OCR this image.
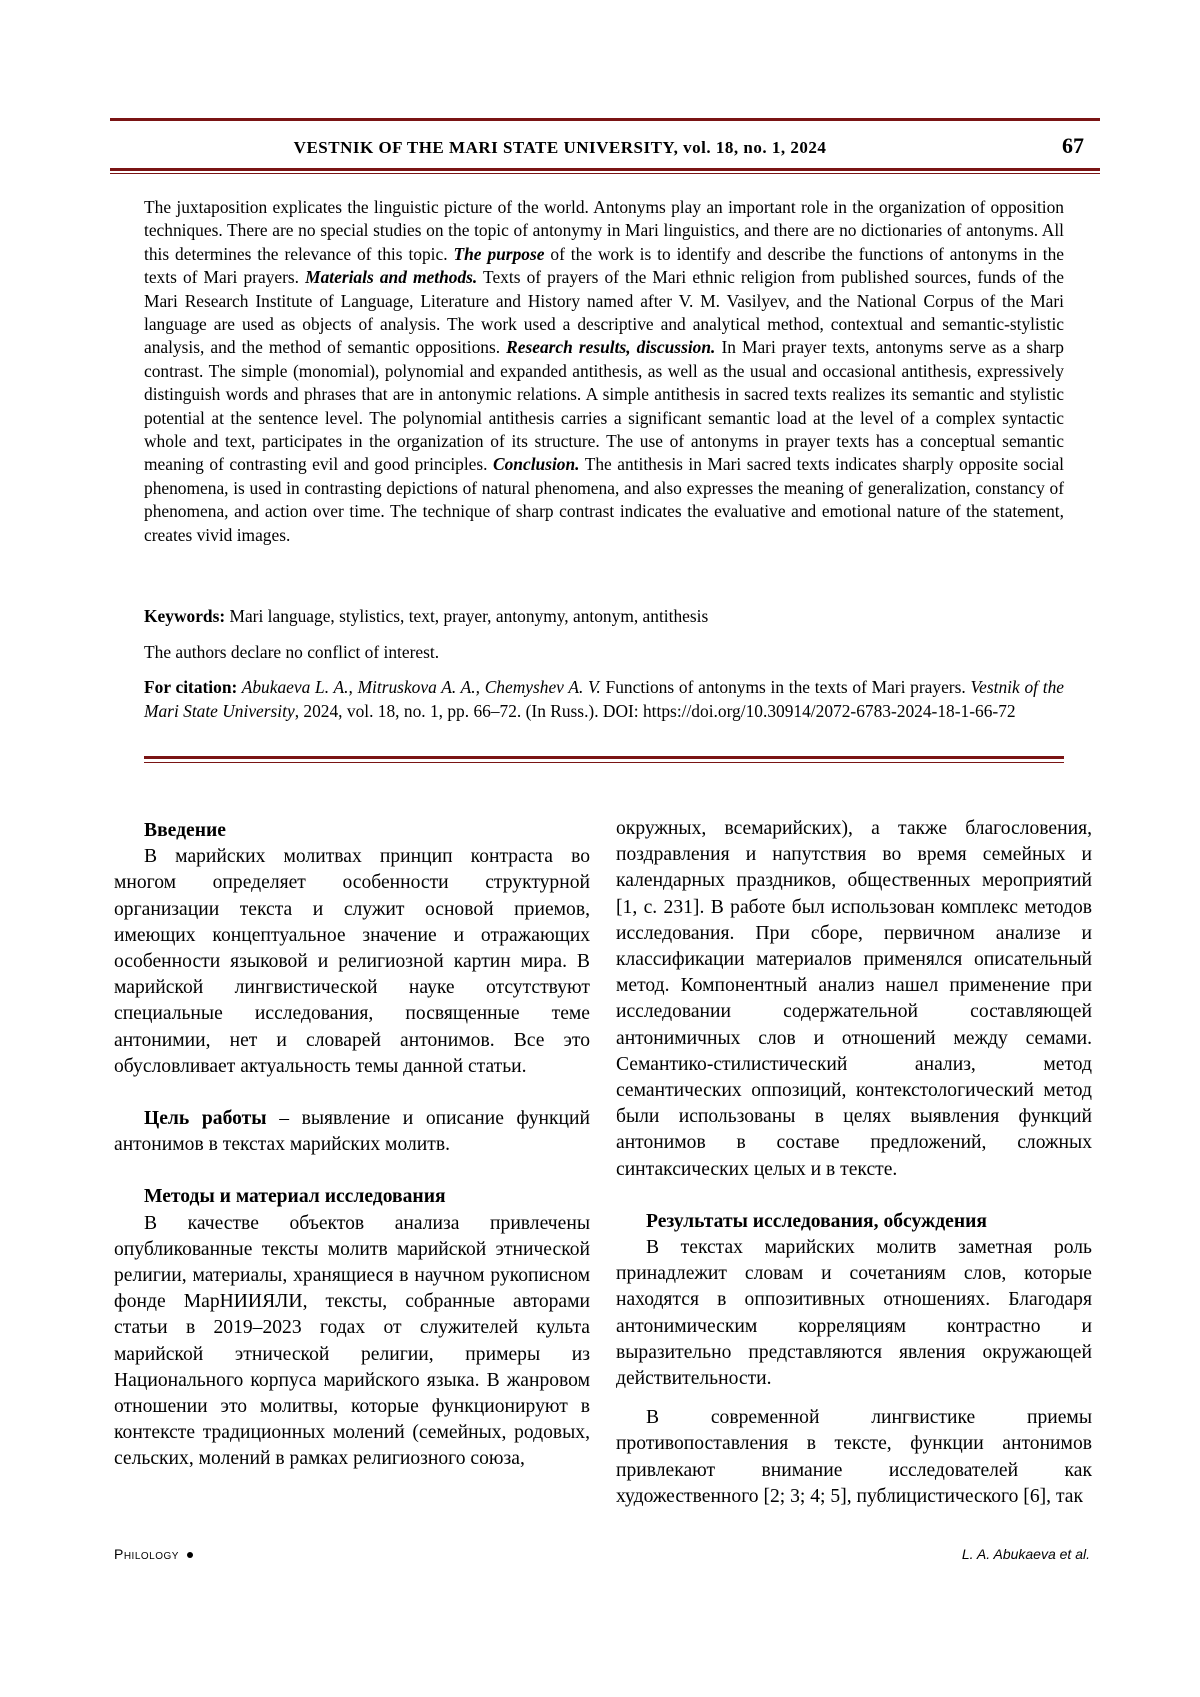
VESTNIK OF THE MARI STATE UNIVERSITY, vol. 18, no. 1, 2024	67

The juxtaposition explicates the linguistic picture of the world. Antonyms play an important role in the organization of opposition techniques. There are no special studies on the topic of antonymy in Mari linguistics, and there are no dictionaries of antonyms. All this determines the relevance of this topic. The purpose of the work is to identify and describe the functions of antonyms in the texts of Mari prayers. Materials and methods. Texts of prayers of the Mari ethnic religion from published sources, funds of the Mari Research Institute of Language, Literature and History named after V. M. Vasilyev, and the National Corpus of the Mari language are used as objects of analysis. The work used a descriptive and analytical method, contextual and semantic-stylistic analysis, and the method of semantic oppositions. Research results, discussion. In Mari prayer texts, antonyms serve as a sharp contrast. The simple (monomial), polynomial and expanded antithesis, as well as the usual and occasional antithesis, expressively distinguish words and phrases that are in antonymic relations. A simple antithesis in sacred texts realizes its semantic and stylistic potential at the sentence level. The polynomial antithesis carries a significant semantic load at the level of a complex syntactic whole and text, participates in the organization of its structure. The use of antonyms in prayer texts has a conceptual semantic meaning of contrasting evil and good principles. Conclusion. The antithesis in Mari sacred texts indicates sharply opposite social phenomena, is used in contrasting depictions of natural phenomena, and also expresses the meaning of generalization, constancy of phenomena, and action over time. The technique of sharp contrast indicates the evaluative and emotional nature of the statement, creates vivid images.

Keywords: Mari language, stylistics, text, prayer, antonymy, antonym, antithesis
The authors declare no conflict of interest.

For citation: Abukaeva L. A., Mitruskova A. A., Chemyshev A. V. Functions of antonyms in the texts of Mari prayers. Vestnik of the Mari State University, 2024, vol. 18, no. 1, pp. 66–72. (In Russ.). DOI: https://doi.org/10.30914/2072-6783-2024-18-1-66-72

Введение

В марийских молитвах принцип контраста во многом определяет особенности структурной организации текста и служит основой приемов, имеющих концептуальное значение и отражающих особенности языковой и религиозной картин мира. В марийской лингвистической науке отсутствуют специальные исследования, посвященные теме антонимии, нет и словарей антонимов. Все это обусловливает актуальность темы данной статьи.

Цель работы – выявление и описание функций антонимов в текстах марийских молитв.

Методы и материал исследования

В качестве объектов анализа привлечены опубликованные тексты молитв марийской этнической религии, материалы, хранящиеся в научном рукописном фонде МарНИИЯЛИ, тексты, собранные авторами статьи в 2019–2023 годах от служителей культа марийской этнической религии, примеры из Национального корпуса марийского языка. В жанровом отношении это молитвы, которые функционируют в контексте традиционных молений (семейных, родовых, сельских, молений в рамках религиозного союза,

окружных, всемарийских), а также благословения, поздравления и напутствия во время семейных и календарных праздников, общественных мероприятий [1, с. 231]. В работе был использован комплекс методов исследования. При сборе, первичном анализе и классификации материалов применялся описательный метод. Компонентный анализ нашел применение при исследовании содержательной составляющей антонимичных слов и отношений между семами. Семантико-стилистический анализ, метод семантических оппозиций, контекстологический метод были использованы в целях выявления функций антонимов в составе предложений, сложных синтаксических целых и в тексте.

Результаты исследования, обсуждения

В текстах марийских молитв заметная роль принадлежит словам и сочетаниям слов, которые находятся в оппозитивных отношениях. Благодаря антонимическим корреляциям контрастно и выразительно представляются явления окружающей действительности.

В современной лингвистике приемы противопоставления в тексте, функции антонимов привлекают внимание исследователей как художественного [2; 3; 4; 5], публицистического [6], так

Philology	L. A. Abukaeva et al.
